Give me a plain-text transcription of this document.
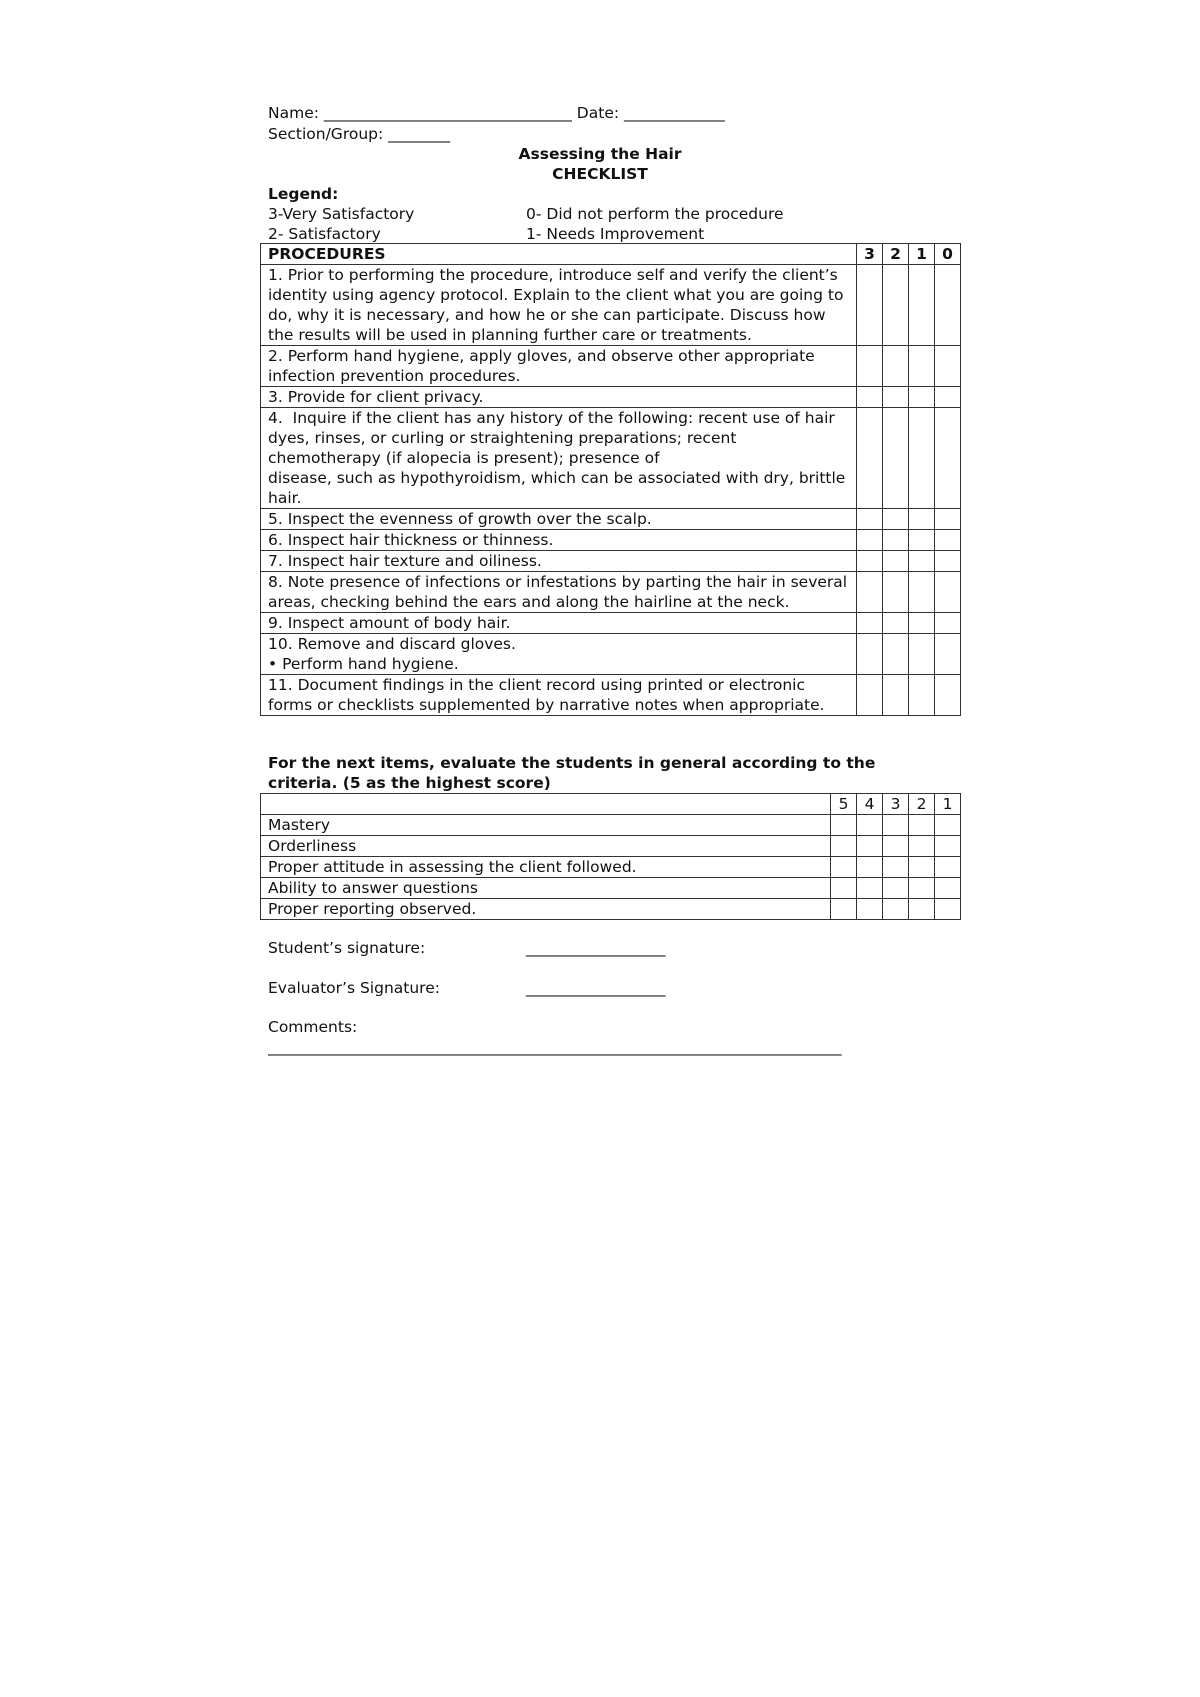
Name: ________________________________ Date: _____________
Section/Group: ________
Assessing the Hair
CHECKLIST
Legend:
3-Very Satisfactory	0- Did not perform the procedure
2- Satisfactory	1- Needs Improvement
PROCEDURES	3	2	1	0
1. Prior to performing the procedure, introduce self and verify the client’s identity using agency protocol. Explain to the client what you are going to do, why it is necessary, and how he or she can participate. Discuss how the results will be used in planning further care or treatments.				
2. Perform hand hygiene, apply gloves, and observe other appropriate infection prevention procedures.				
3. Provide for client privacy.				
4.  Inquire if the client has any history of the following: recent use of hair dyes, rinses, or curling or straightening preparations; recent chemotherapy (if alopecia is present); presence of
disease, such as hypothyroidism, which can be associated with dry, brittle hair.				
5. Inspect the evenness of growth over the scalp.				
6. Inspect hair thickness or thinness.				
7. Inspect hair texture and oiliness.				
8. Note presence of infections or infestations by parting the hair in several areas, checking behind the ears and along the hairline at the neck.				
9. Inspect amount of body hair.				
10. Remove and discard gloves.
• Perform hand hygiene.				
11. Document findings in the client record using printed or electronic forms or checklists supplemented by narrative notes when appropriate.				
	5	4	3	2	1
Mastery					
Orderliness					
Proper attitude in assessing the client followed.					
Ability to answer questions					
Proper reporting observed.					
For the next items, evaluate the students in general according to the criteria. (5 as the highest score)
Student’s signature:	__________________
Evaluator’s Signature:	__________________
Comments:
__________________________________________________________________________
